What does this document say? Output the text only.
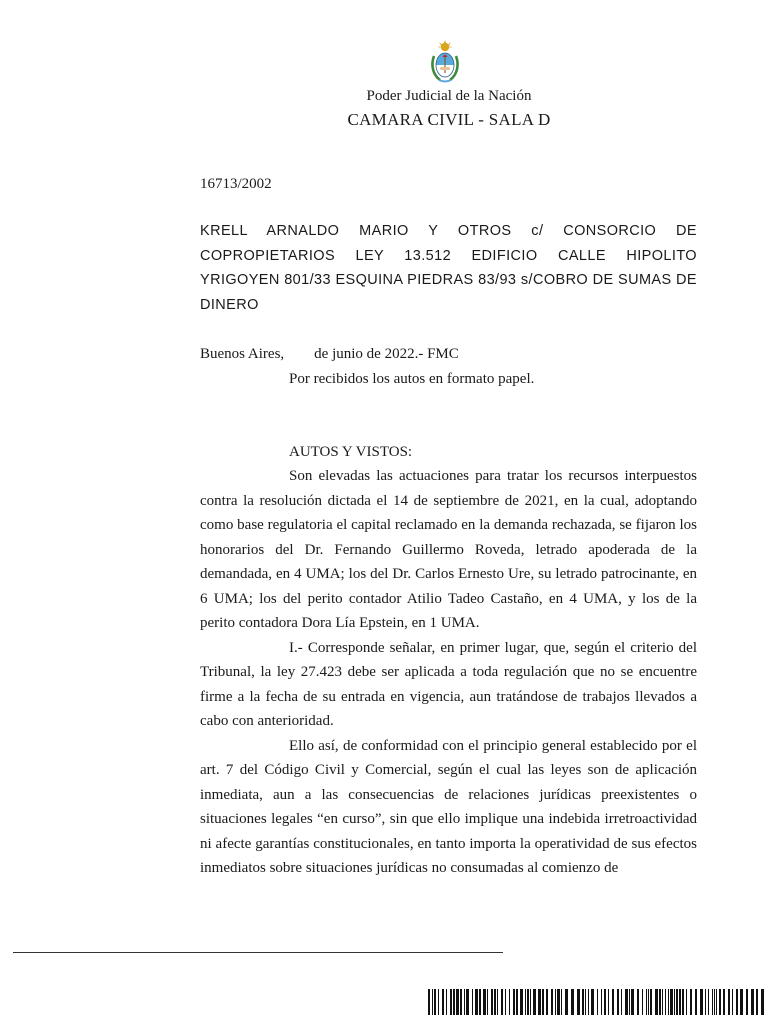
Poder Judicial de la Nación
CAMARA CIVIL - SALA D
16713/2002
KRELL ARNALDO MARIO Y OTROS c/ CONSORCIO DE COPROPIETARIOS LEY 13.512 EDIFICIO CALLE HIPOLITO YRIGOYEN 801/33 ESQUINA PIEDRAS 83/93 s/COBRO DE SUMAS DE DINERO
Buenos Aires, de junio de 2022.- FMC
Por recibidos los autos en formato papel.
AUTOS Y VISTOS:

Son elevadas las actuaciones para tratar los recursos interpuestos contra la resolución dictada el 14 de septiembre de 2021, en la cual, adoptando como base regulatoria el capital reclamado en la demanda rechazada, se fijaron los honorarios del Dr. Fernando Guillermo Roveda, letrado apoderada de la demandada, en 4 UMA; los del Dr. Carlos Ernesto Ure, su letrado patrocinante, en 6 UMA; los del perito contador Atilio Tadeo Castaño, en 4 UMA, y los de la perito contadora Dora Lía Epstein, en 1 UMA.

I.- Corresponde señalar, en primer lugar, que, según el criterio del Tribunal, la ley 27.423 debe ser aplicada a toda regulación que no se encuentre firme a la fecha de su entrada en vigencia, aun tratándose de trabajos llevados a cabo con anterioridad.

Ello así, de conformidad con el principio general establecido por el art. 7 del Código Civil y Comercial, según el cual las leyes son de aplicación inmediata, aun a las consecuencias de relaciones jurídicas preexistentes o situaciones legales “en curso”, sin que ello implique una indebida irretroactividad ni afecte garantías constitucionales, en tanto importa la operatividad de sus efectos inmediatos sobre situaciones jurídicas no consumadas al comienzo de
